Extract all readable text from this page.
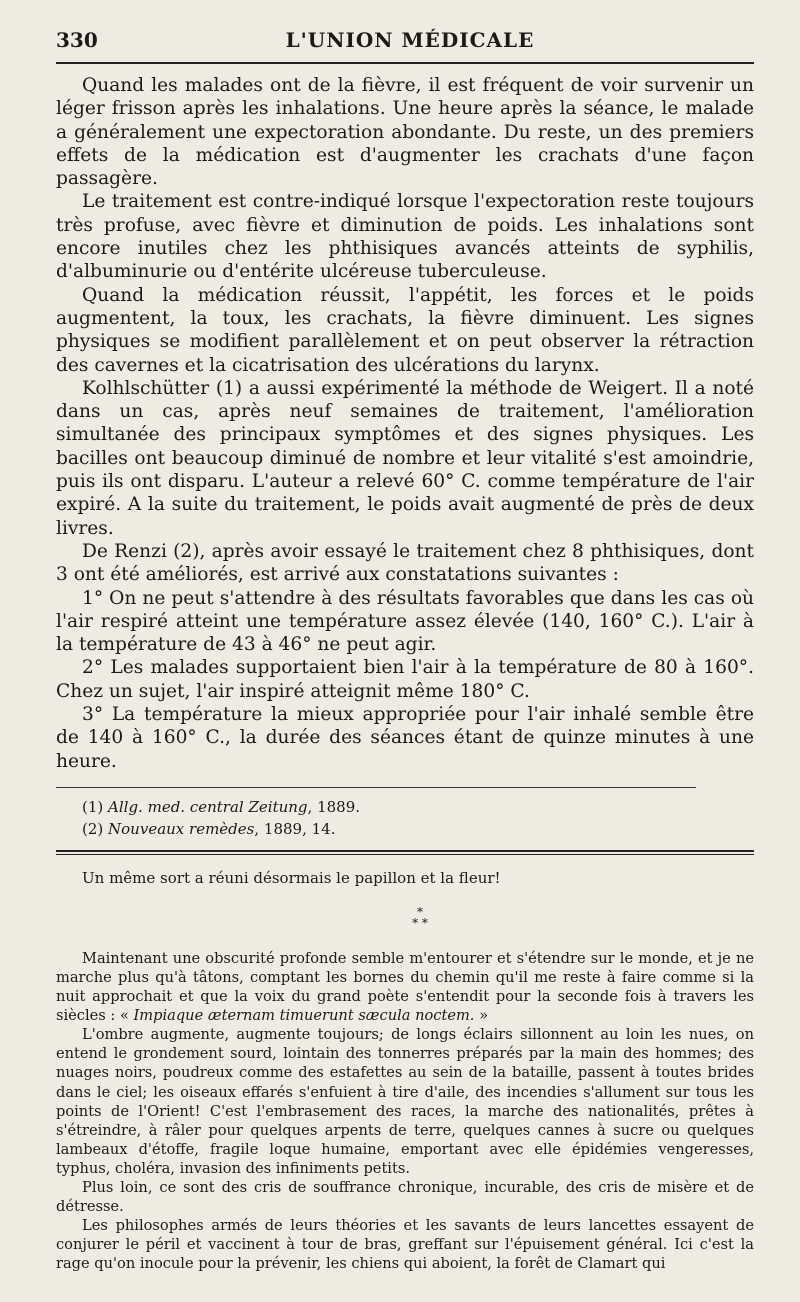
330	L'UNION MÉDICALE

Quand les malades ont de la fièvre, il est fréquent de voir survenir un léger frisson après les inhalations. Une heure après la séance, le malade a généralement une expectoration abondante. Du reste, un des premiers effets de la médication est d'augmenter les crachats d'une façon passagère.

Le traitement est contre-indiqué lorsque l'expectoration reste toujours très profuse, avec fièvre et diminution de poids. Les inhalations sont encore inutiles chez les phthisiques avancés atteints de syphilis, d'albuminurie ou d'entérite ulcéreuse tuberculeuse.

Quand la médication réussit, l'appétit, les forces et le poids augmentent, la toux, les crachats, la fièvre diminuent. Les signes physiques se modifient parallèlement et on peut observer la rétraction des cavernes et la cicatrisation des ulcérations du larynx.

Kolhlschütter (1) a aussi expérimenté la méthode de Weigert. Il a noté dans un cas, après neuf semaines de traitement, l'amélioration simultanée des principaux symptômes et des signes physiques. Les bacilles ont beaucoup diminué de nombre et leur vitalité s'est amoindrie, puis ils ont disparu. L'auteur a relevé 60° C. comme température de l'air expiré. A la suite du traitement, le poids avait augmenté de près de deux livres.

De Renzi (2), après avoir essayé le traitement chez 8 phthisiques, dont 3 ont été améliorés, est arrivé aux constatations suivantes :

1° On ne peut s'attendre à des résultats favorables que dans les cas où l'air respiré atteint une température assez élevée (140, 160° C.). L'air à la température de 43 à 46° ne peut agir.

2° Les malades supportaient bien l'air à la température de 80 à 160°. Chez un sujet, l'air inspiré atteignit même 180° C.

3° La température la mieux appropriée pour l'air inhalé semble être de 140 à 160° C., la durée des séances étant de quinze minutes à une heure.

(1) Allg. med. central Zeitung, 1889.

(2) Nouveaux remèdes, 1889, 14.

Un même sort a réuni désormais le papillon et la fleur!
*
* *

Maintenant une obscurité profonde semble m'entourer et s'étendre sur le monde, et je ne marche plus qu'à tâtons, comptant les bornes du chemin qu'il me reste à faire comme si la nuit approchait et que la voix du grand poète s'entendit pour la seconde fois à travers les siècles : « Impiaque æternam timuerunt sæcula noctem. »

L'ombre augmente, augmente toujours; de longs éclairs sillonnent au loin les nues, on entend le grondement sourd, lointain des tonnerres préparés par la main des hommes; des nuages noirs, poudreux comme des estafettes au sein de la bataille, passent à toutes brides dans le ciel; les oiseaux effarés s'enfuient à tire d'aile, des incendies s'allument sur tous les points de l'Orient! C'est l'embrasement des races, la marche des nationalités, prêtes à s'étreindre, à râler pour quelques arpents de terre, quelques cannes à sucre ou quelques lambeaux d'étoffe, fragile loque humaine, emportant avec elle épidémies vengeresses, typhus, choléra, invasion des infiniments petits.

Plus loin, ce sont des cris de souffrance chronique, incurable, des cris de misère et de détresse.

Les philosophes armés de leurs théories et les savants de leurs lancettes essayent de conjurer le péril et vaccinent à tour de bras, greffant sur l'épuisement général. Ici c'est la rage qu'on inocule pour la prévenir, les chiens qui aboient, la forêt de Clamart qui
